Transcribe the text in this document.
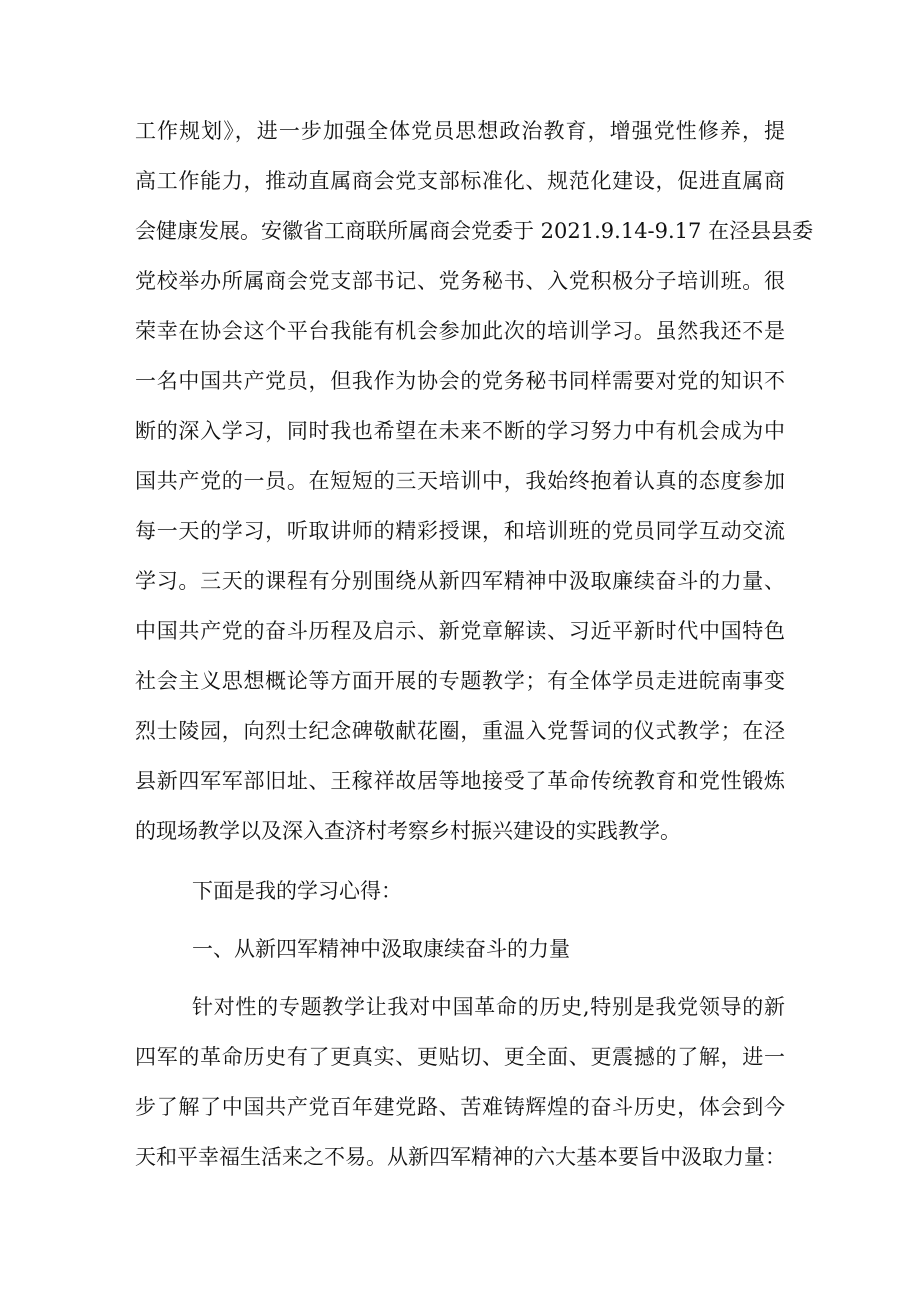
工作规划》，进一步加强全体党员思想政治教育，增强党性修养，提
高工作能力，推动直属商会党支部标准化、规范化建设，促进直属商
会健康发展。安徽省工商联所属商会党委于 2021.9.14-9.17 在泾县县委
党校举办所属商会党支部书记、党务秘书、入党积极分子培训班。很
荣幸在协会这个平台我能有机会参加此次的培训学习。虽然我还不是
一名中国共产党员，但我作为协会的党务秘书同样需要对党的知识不
断的深入学习，同时我也希望在未来不断的学习努力中有机会成为中
国共产党的一员。在短短的三天培训中，我始终抱着认真的态度参加
每一天的学习，听取讲师的精彩授课，和培训班的党员同学互动交流
学习。三天的课程有分别围绕从新四军精神中汲取廉续奋斗的力量、
中国共产党的奋斗历程及启示、新党章解读、习近平新时代中国特色
社会主义思想概论等方面开展的专题教学；有全体学员走进皖南事变
烈士陵园，向烈士纪念碑敬献花圈，重温入党誓词的仪式教学；在泾
县新四军军部旧址、王稼祥故居等地接受了革命传统教育和党性锻炼
的现场教学以及深入查济村考察乡村振兴建设的实践教学。
下面是我的学习心得：
一、从新四军精神中汲取康续奋斗的力量
针对性的专题教学让我对中国革命的历史,特别是我党领导的新
四军的革命历史有了更真实、更贴切、更全面、更震撼的了解，进一
步了解了中国共产党百年建党路、苦难铸辉煌的奋斗历史，体会到今
天和平幸福生活来之不易。从新四军精神的六大基本要旨中汲取力量：
